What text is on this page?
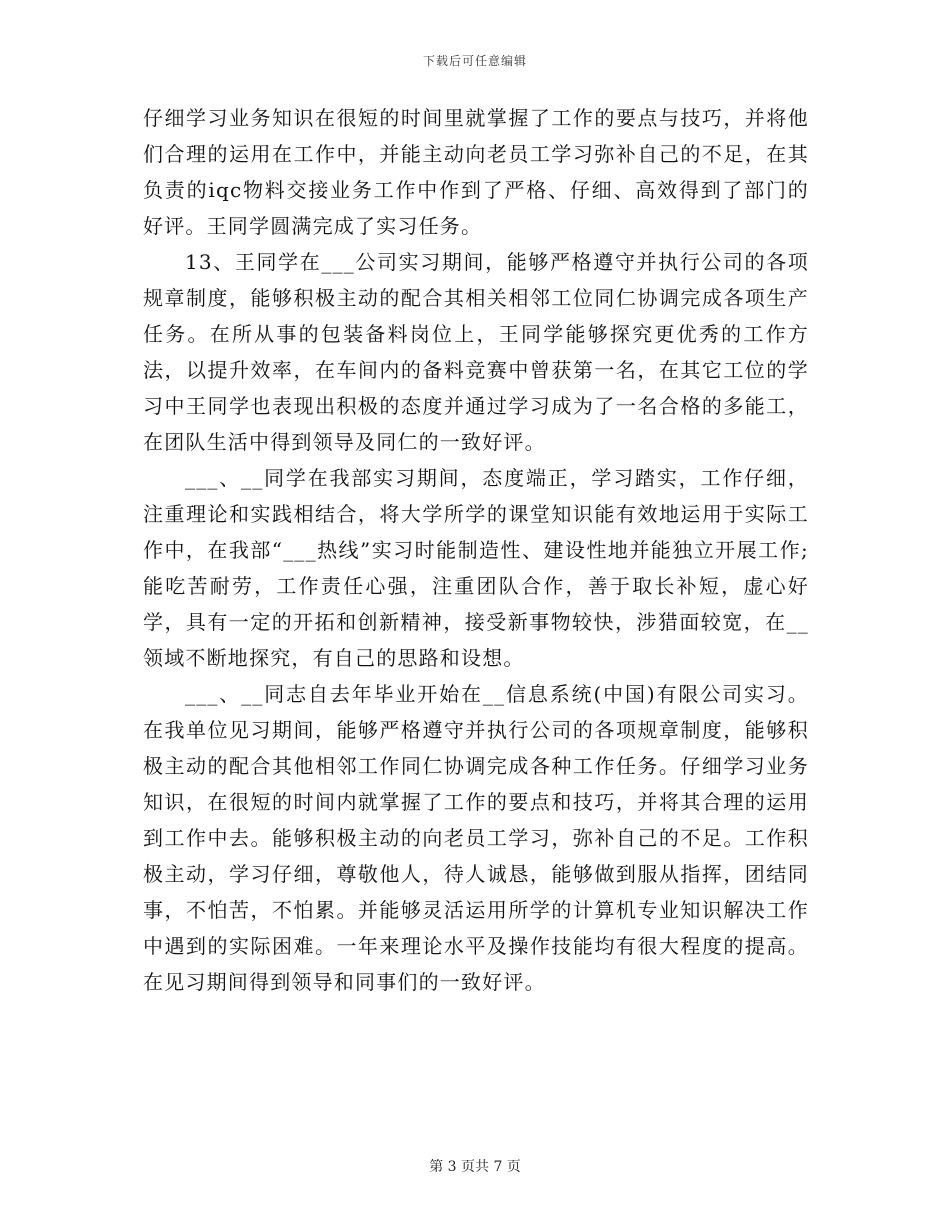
下载后可任意编辑

仔细学习业务知识在很短的时间里就掌握了工作的要点与技巧，并将他们合理的运用在工作中，并能主动向老员工学习弥补自己的不足，在其负责的iqc物料交接业务工作中作到了严格、仔细、高效得到了部门的好评。王同学圆满完成了实习任务。

13、王同学在___公司实习期间，能够严格遵守并执行公司的各项规章制度，能够积极主动的配合其相关相邻工位同仁协调完成各项生产任务。在所从事的包装备料岗位上，王同学能够探究更优秀的工作方法，以提升效率，在车间内的备料竞赛中曾获第一名，在其它工位的学习中王同学也表现出积极的态度并通过学习成为了一名合格的多能工，在团队生活中得到领导及同仁的一致好评。

___、__同学在我部实习期间，态度端正，学习踏实，工作仔细，注重理论和实践相结合，将大学所学的课堂知识能有效地运用于实际工作中，在我部“___热线”实习时能制造性、建设性地并能独立开展工作;能吃苦耐劳，工作责任心强，注重团队合作，善于取长补短，虚心好学，具有一定的开拓和创新精神，接受新事物较快，涉猎面较宽，在__领域不断地探究，有自己的思路和设想。

___、__同志自去年毕业开始在__信息系统(中国)有限公司实习。在我单位见习期间，能够严格遵守并执行公司的各项规章制度，能够积极主动的配合其他相邻工作同仁协调完成各种工作任务。仔细学习业务知识，在很短的时间内就掌握了工作的要点和技巧，并将其合理的运用到工作中去。能够积极主动的向老员工学习，弥补自己的不足。工作积极主动，学习仔细，尊敬他人，待人诚恳，能够做到服从指挥，团结同事，不怕苦，不怕累。并能够灵活运用所学的计算机专业知识解决工作中遇到的实际困难。一年来理论水平及操作技能均有很大程度的提高。在见习期间得到领导和同事们的一致好评。

第 3 页共 7 页
